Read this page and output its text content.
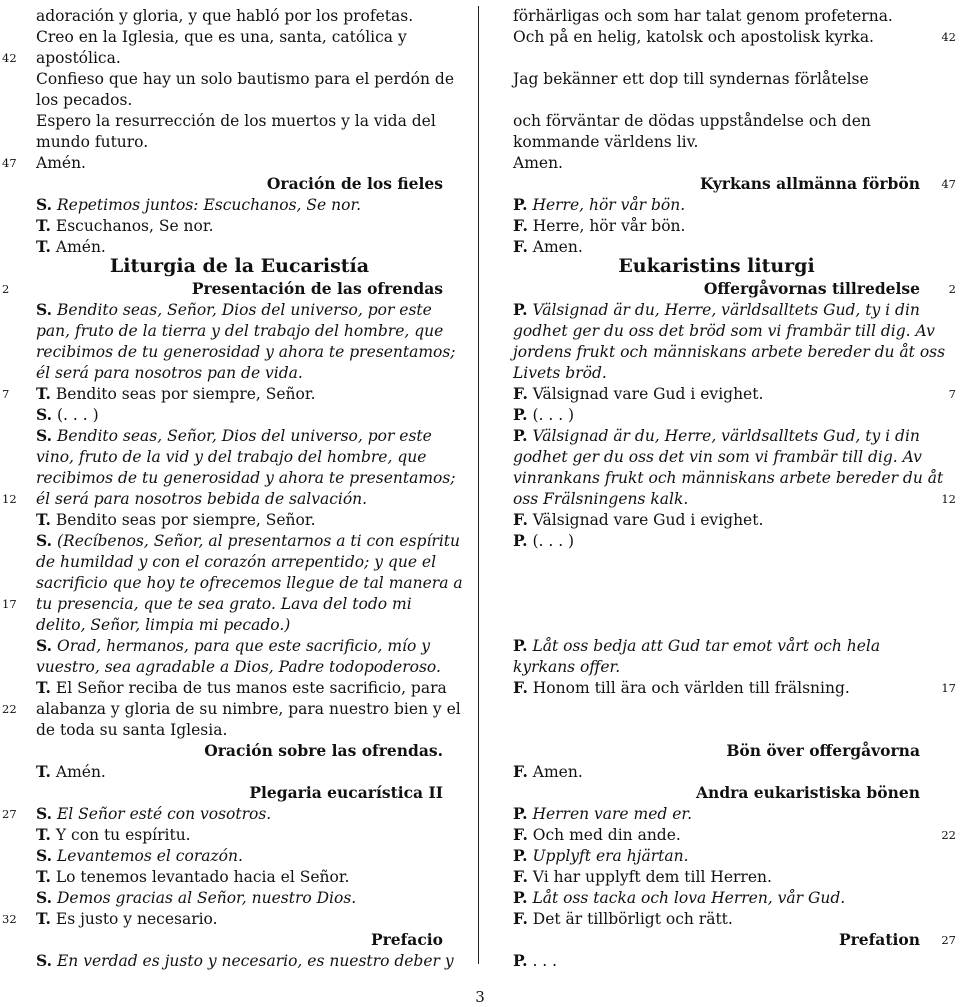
adoración y gloria, y que habló por los profetas.
Creo en la Iglesia, que es una, santa, católica y
apostólica.
Confieso que hay un solo bautismo para el perdón de
los pecados.
Espero la resurrección de los muertos y la vida del
mundo futuro.
Amén.
Oración de los fieles
S. Repetimos juntos: Escuchanos, Se nor.
T. Escuchanos, Se nor.
T. Amén.
Liturgia de la Eucaristía
Presentación de las ofrendas
S. Bendito seas, Señor, Dios del universo, por este
pan, fruto de la tierra y del trabajo del hombre, que
recibimos de tu generosidad y ahora te presentamos;
él será para nosotros pan de vida.
T. Bendito seas por siempre, Señor.
S. (. . . )
S. Bendito seas, Señor, Dios del universo, por este
vino, fruto de la vid y del trabajo del hombre, que
recibimos de tu generosidad y ahora te presentamos;
él será para nosotros bebida de salvación.
T. Bendito seas por siempre, Señor.
S. (Recíbenos, Señor, al presentarnos a ti con espíritu
de humildad y con el corazón arrepentido; y que el
sacrificio que hoy te ofrecemos llegue de tal manera a
tu presencia, que te sea grato. Lava del todo mi
delito, Señor, limpia mi pecado.)
S. Orad, hermanos, para que este sacrificio, mío y
vuestro, sea agradable a Dios, Padre todopoderoso.
T. El Señor reciba de tus manos este sacrificio, para
alabanza y gloria de su nimbre, para nuestro bien y el
de toda su santa Iglesia.
Oración sobre las ofrendas.
T. Amén.
Plegaria eucarística II
S. El Señor esté con vosotros.
T. Y con tu espíritu.
S. Levantemos el corazón.
T. Lo tenemos levantado hacia el Señor.
S. Demos gracias al Señor, nuestro Dios.
T. Es justo y necesario.
Prefacio
S. En verdad es justo y necesario, es nuestro deber y
42
47
2
7
12
17
22
27
32
förhärligas och som har talat genom profeterna.
Och på en helig, katolsk och apostolisk kyrka.
Jag bekänner ett dop till syndernas förlåtelse
och förväntar de dödas uppståndelse och den
kommande världens liv.
Amen.
Kyrkans allmänna förbön
P. Herre, hör vår bön.
F. Herre, hör vår bön.
F. Amen.
Eukaristins liturgi
Offergåvornas tillredelse
P. Välsignad är du, Herre, världsalltets Gud, ty i din
godhet ger du oss det bröd som vi frambär till dig. Av
jordens frukt och människans arbete bereder du åt oss
Livets bröd.
F. Välsignad vare Gud i evighet.
P. (. . . )
P. Välsignad är du, Herre, världsalltets Gud, ty i din
godhet ger du oss det vin som vi frambär till dig. Av
vinrankans frukt och människans arbete bereder du åt
oss Frälsningens kalk.
F. Välsignad vare Gud i evighet.
P. (. . . )
P. Låt oss bedja att Gud tar emot vårt och hela
kyrkans offer.
F. Honom till ära och världen till frälsning.
Bön över offergåvorna
F. Amen.
Andra eukaristiska bönen
P. Herren vare med er.
F. Och med din ande.
P. Upplyft era hjärtan.
F. Vi har upplyft dem till Herren.
P. Låt oss tacka och lova Herren, vår Gud.
F. Det är tillbörligt och rätt.
Prefation
P. . . .
42
47
2
7
12
17
22
27
3
